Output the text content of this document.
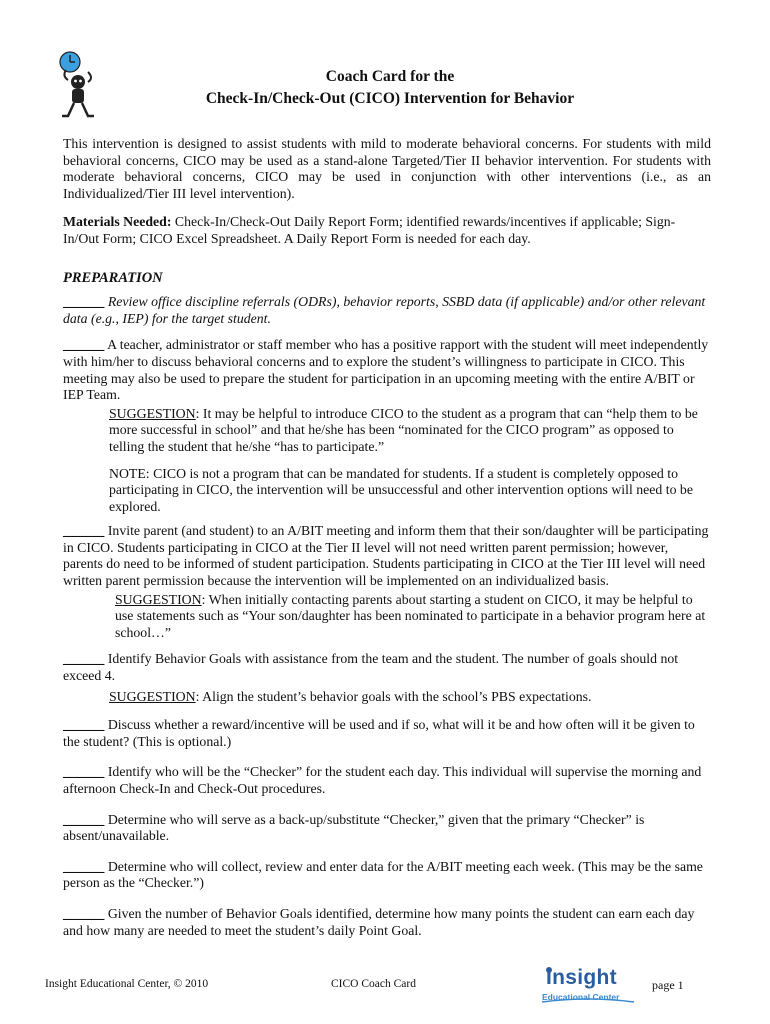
Coach Card for the
Check-In/Check-Out (CICO) Intervention for Behavior

This intervention is designed to assist students with mild to moderate behavioral concerns. For students with mild behavioral concerns, CICO may be used as a stand-alone Targeted/Tier II behavior intervention. For students with moderate behavioral concerns, CICO may be used in conjunction with other interventions (i.e., as an Individualized/Tier III level intervention).

Materials Needed: Check-In/Check-Out Daily Report Form; identified rewards/incentives if applicable; Sign-In/Out Form; CICO Excel Spreadsheet. A Daily Report Form is needed for each day.

PREPARATION

______ Review office discipline referrals (ODRs), behavior reports, SSBD data (if applicable) and/or other relevant data (e.g., IEP) for the target student.

______ A teacher, administrator or staff member who has a positive rapport with the student will meet independently with him/her to discuss behavioral concerns and to explore the student’s willingness to participate in CICO. This meeting may also be used to prepare the student for participation in an upcoming meeting with the entire A/BIT or IEP Team.

SUGGESTION: It may be helpful to introduce CICO to the student as a program that can “help them to be more successful in school” and that he/she has been “nominated for the CICO program” as opposed to telling the student that he/she “has to participate.”

NOTE: CICO is not a program that can be mandated for students. If a student is completely opposed to participating in CICO, the intervention will be unsuccessful and other intervention options will need to be explored.

______ Invite parent (and student) to an A/BIT meeting and inform them that their son/daughter will be participating in CICO. Students participating in CICO at the Tier II level will not need written parent permission; however, parents do need to be informed of student participation. Students participating in CICO at the Tier III level will need written parent permission because the intervention will be implemented on an individualized basis.

SUGGESTION: When initially contacting parents about starting a student on CICO, it may be helpful to use statements such as “Your son/daughter has been nominated to participate in a behavior program here at school…”

______ Identify Behavior Goals with assistance from the team and the student. The number of goals should not exceed 4.

SUGGESTION: Align the student’s behavior goals with the school’s PBS expectations.

______ Discuss whether a reward/incentive will be used and if so, what will it be and how often will it be given to the student? (This is optional.)

______ Identify who will be the “Checker” for the student each day. This individual will supervise the morning and afternoon Check-In and Check-Out procedures.

______ Determine who will serve as a back-up/substitute “Checker,” given that the primary “Checker” is absent/unavailable.

______ Determine who will collect, review and enter data for the A/BIT meeting each week. (This may be the same person as the “Checker.”)

______ Given the number of Behavior Goals identified, determine how many points the student can earn each day and how many are needed to meet the student’s daily Point Goal.

Insight Educational Center, © 2010	CICO Coach Card	Insight
Educational Center
page 1
